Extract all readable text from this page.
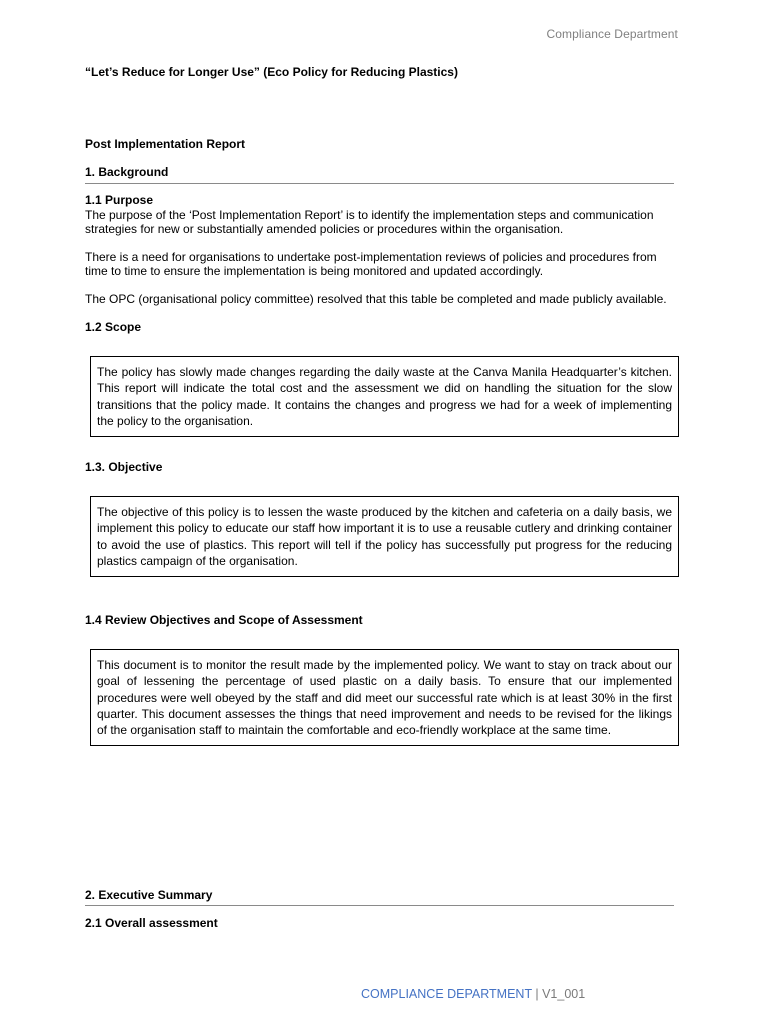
Compliance Department
“Let’s Reduce for Longer Use” (Eco Policy for Reducing Plastics)
Post Implementation Report
1. Background
1.1 Purpose
The purpose of the ‘Post Implementation Report’ is to identify the implementation steps and communication strategies for new or substantially amended policies or procedures within the organisation.
There is a need for organisations to undertake post-implementation reviews of policies and procedures from time to time to ensure the implementation is being monitored and updated accordingly.
The OPC (organisational policy committee) resolved that this table be completed and made publicly available.
1.2 Scope
The policy has slowly made changes regarding the daily waste at the Canva Manila Headquarter’s kitchen. This report will indicate the total cost and the assessment we did on handling the situation for the slow transitions that the policy made. It contains the changes and progress we had for a week of implementing the policy to the organisation.
1.3. Objective
The objective of this policy is to lessen the waste produced by the kitchen and cafeteria on a daily basis, we implement this policy to educate our staff how important it is to use a reusable cutlery and drinking container to avoid the use of plastics. This report will tell if the policy has successfully put progress for the reducing plastics campaign of the organisation.
1.4 Review Objectives and Scope of Assessment
This document is to monitor the result made by the implemented policy. We want to stay on track about our goal of lessening the percentage of used plastic on a daily basis. To ensure that our implemented procedures were well obeyed by the staff and did meet our successful rate which is at least 30% in the first quarter. This document assesses the things that need improvement and needs to be revised for the likings of the organisation staff to maintain the comfortable and eco-friendly workplace at the same time.
2. Executive Summary
2.1 Overall assessment
COMPLIANCE DEPARTMENT | V1_001
